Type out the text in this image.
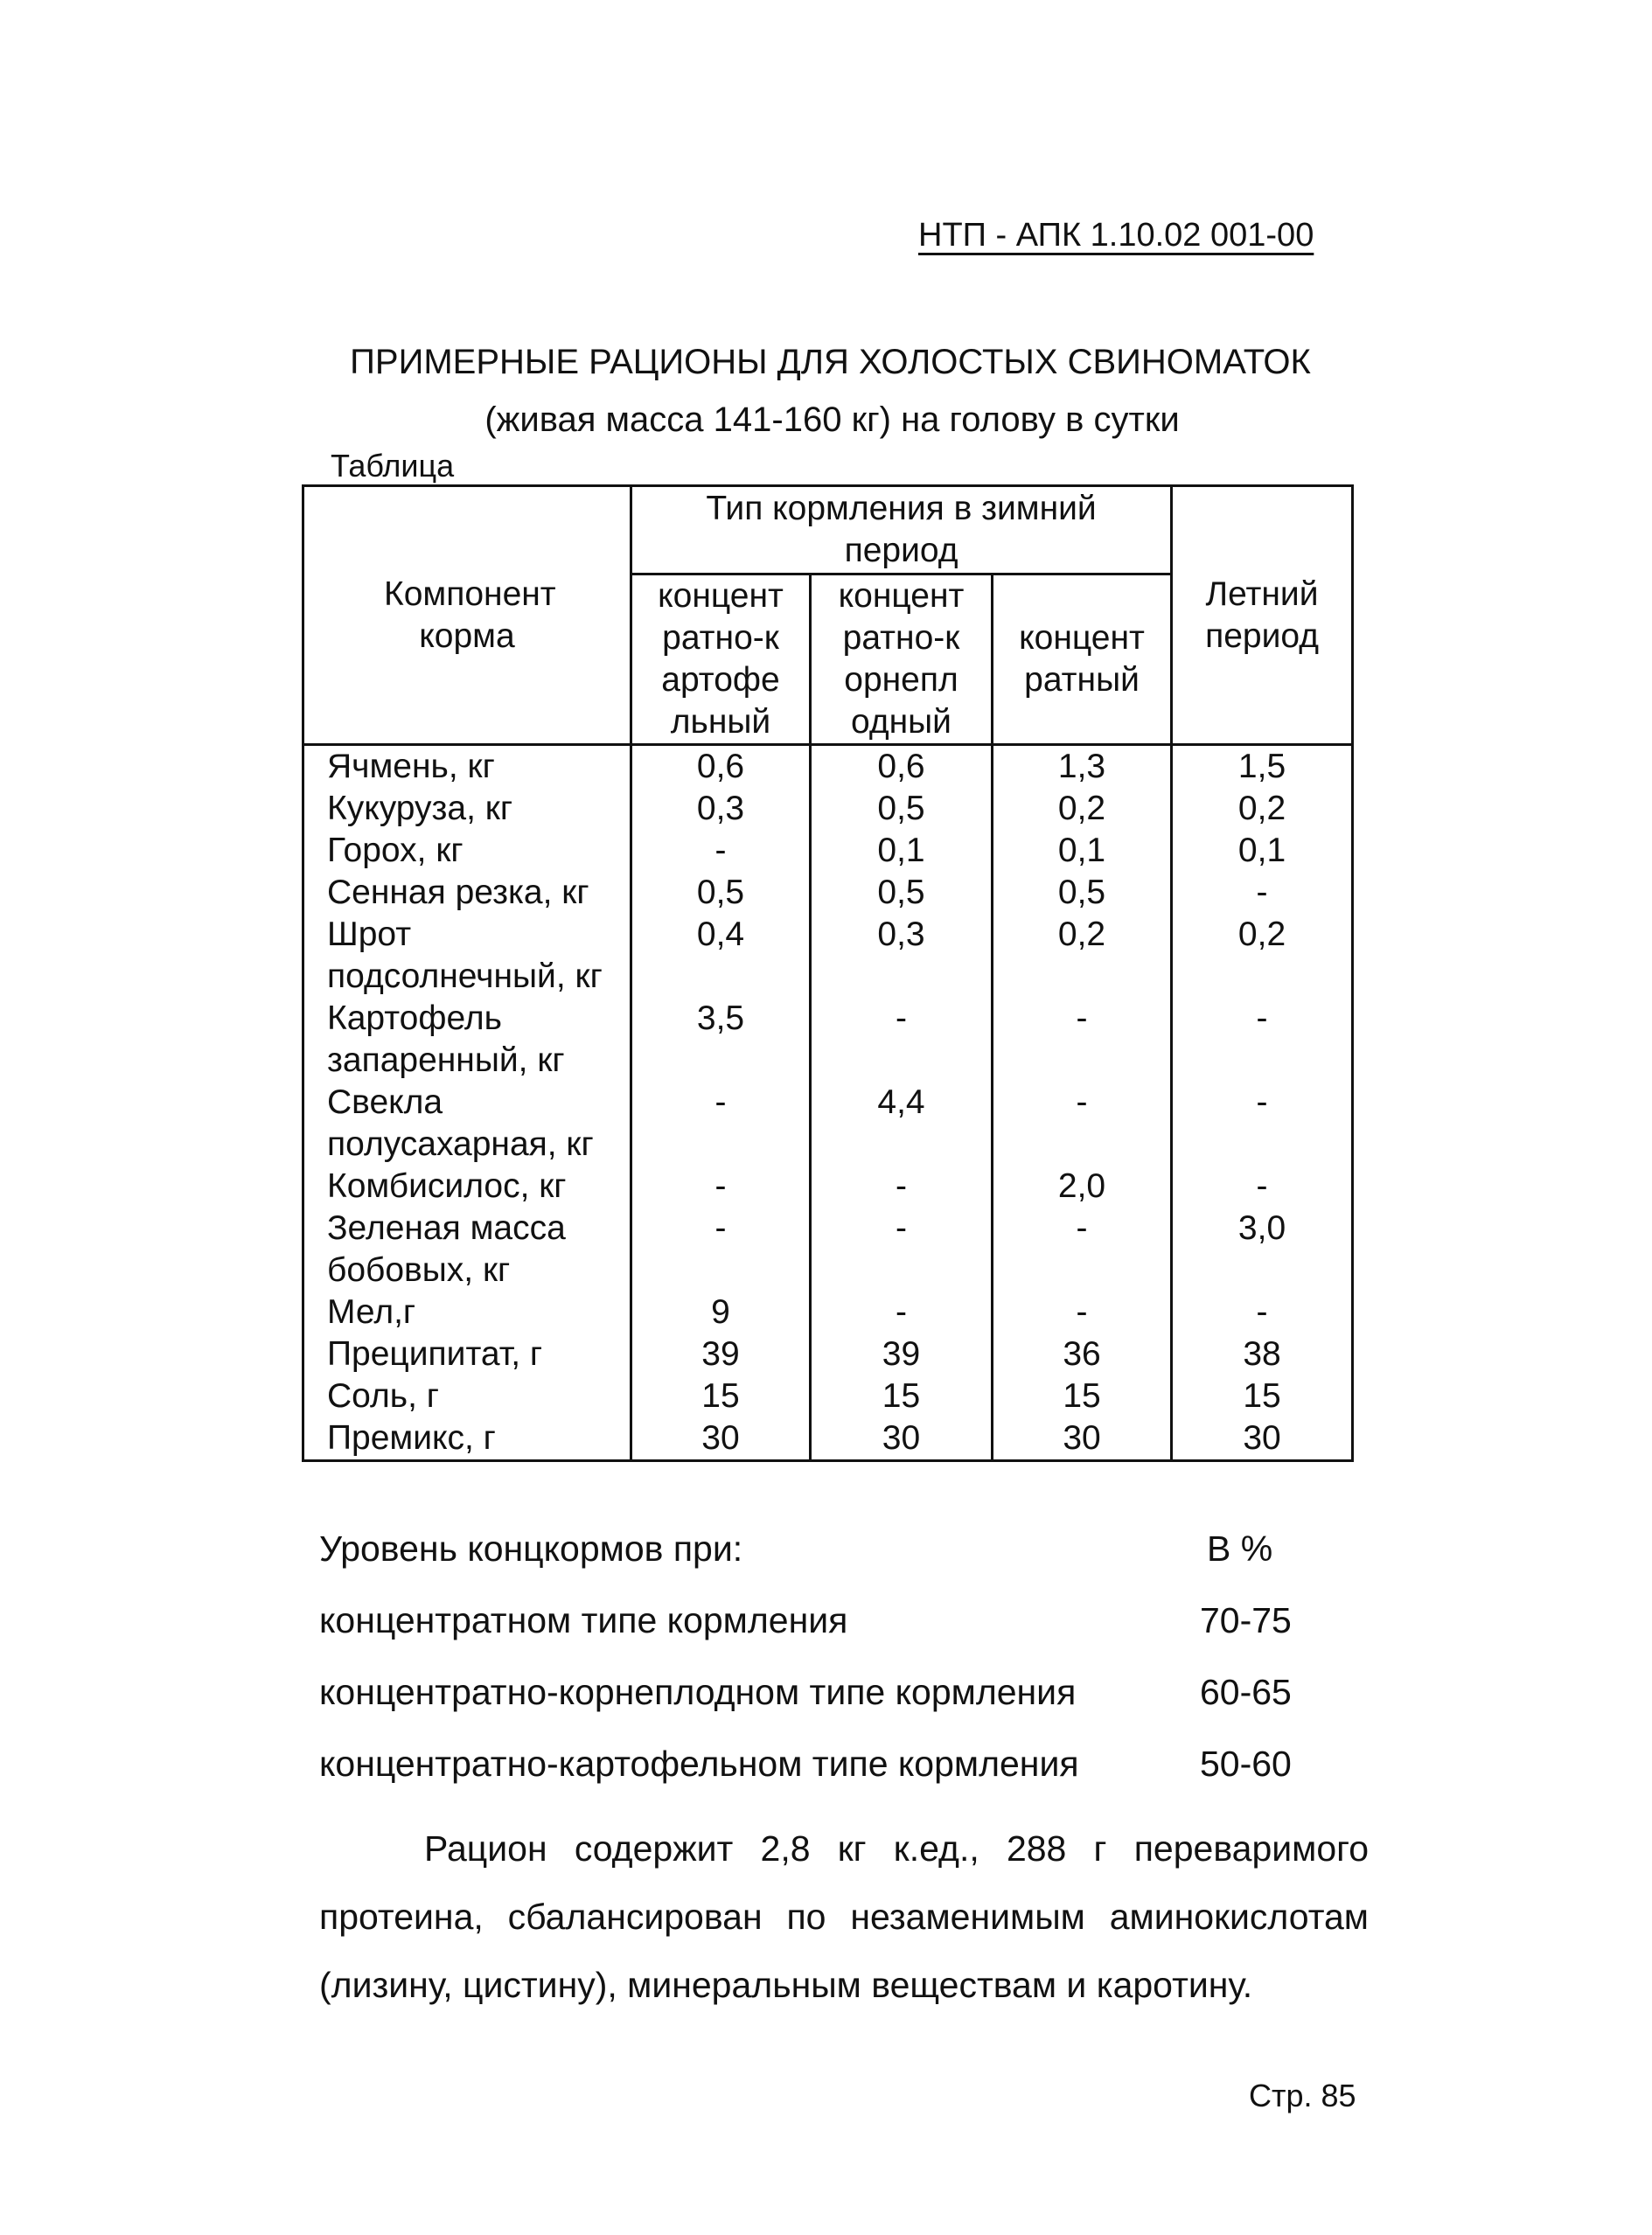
НТП - АПК 1.10.02 001-00
ПРИМЕРНЫЕ РАЦИОНЫ ДЛЯ ХОЛОСТЫХ СВИНОМАТОК
(живая масса 141-160 кг) на голову в сутки
Таблица
Компонент корма	Тип кормления в зимний период			Летний период
	концентратно-картофельный	концентратно-корнеплодный	концентратный	
Ячмень, кг	0,6	0,6	1,3	1,5
Кукуруза, кг	0,3	0,5	0,2	0,2
Горох, кг	-	0,1	0,1	0,1
Сенная резка, кг	0,5	0,5	0,5	-
Шрот подсолнечный, кг	0,4	0,3	0,2	0,2
Картофель запаренный, кг	3,5	-	-	-
Свекла полусахарная, кг	-	4,4	-	-
Комбисилос, кг	-	-	2,0	-
Зеленая масса бобовых, кг	-	-	-	3,0
Мел,г	9	-	-	-
Преципитат, г	39	39	36	38
Соль, г	15	15	15	15
Премикс, г	30	30	30	30
Уровень концкормов при:	В %
концентратном типе кормления	70-75
концентратно-корнеплодном типе кормления	60-65
концентратно-картофельном типе кормления	50-60
Рацион содержит 2,8 кг к.ед., 288 г переваримого протеина, сбалансирован по незаменимым аминокислотам (лизину, цистину), минеральным веществам и каротину.
Стр. 85
